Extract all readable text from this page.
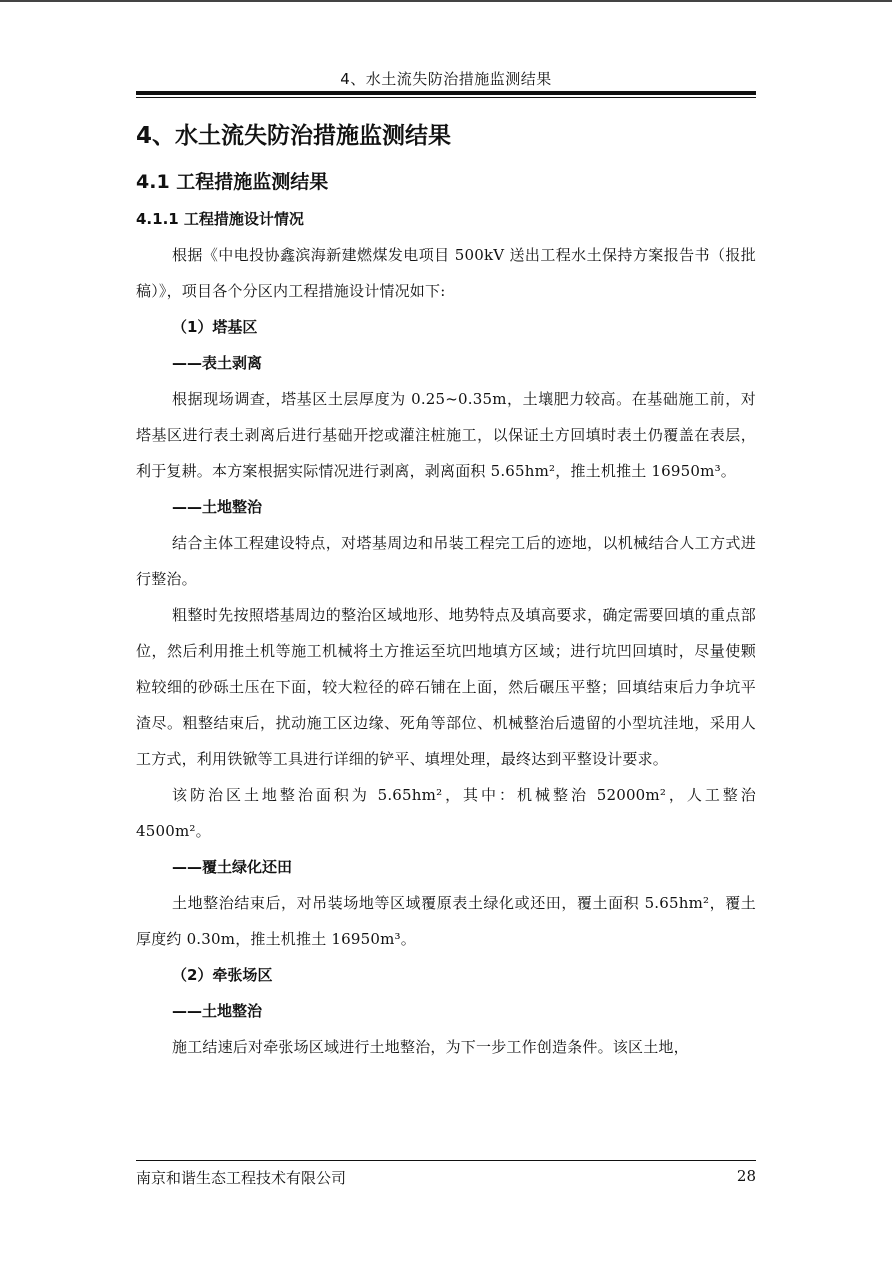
4、水土流失防治措施监测结果
4、水土流失防治措施监测结果
4.1 工程措施监测结果
4.1.1 工程措施设计情况

根据《中电投协鑫滨海新建燃煤发电项目 500kV 送出工程水土保持方案报告书（报批稿）》，项目各个分区内工程措施设计情况如下:

（1）塔基区
——表土剥离

根据现场调查，塔基区土层厚度为 0.25~0.35m，土壤肥力较高。在基础施工前，对塔基区进行表土剥离后进行基础开挖或灌注桩施工，以保证土方回填时表土仍覆盖在表层，利于复耕。本方案根据实际情况进行剥离，剥离面积 5.65hm²，推土机推土 16950m³。

——土地整治

结合主体工程建设特点，对塔基周边和吊装工程完工后的迹地，以机械结合人工方式进行整治。

粗整时先按照塔基周边的整治区域地形、地势特点及填高要求，确定需要回填的重点部位，然后利用推土机等施工机械将土方推运至坑凹地填方区域；进行坑凹回填时，尽量使颗粒较细的砂砾土压在下面，较大粒径的碎石铺在上面，然后碾压平整；回填结束后力争坑平渣尽。粗整结束后，扰动施工区边缘、死角等部位、机械整治后遗留的小型坑洼地，采用人工方式，利用铁锨等工具进行详细的铲平、填埋处理，最终达到平整设计要求。

该防治区土地整治面积为 5.65hm²，其中：机械整治 52000m²，人工整治 4500m²。

——覆土绿化还田

土地整治结束后，对吊装场地等区域覆原表土绿化或还田，覆土面积 5.65hm²，覆土厚度约 0.30m，推土机推土 16950m³。

（2）牵张场区
——土地整治

施工结速后对牵张场区域进行土地整治，为下一步工作创造条件。该区土地，

南京和谐生态工程技术有限公司	28
